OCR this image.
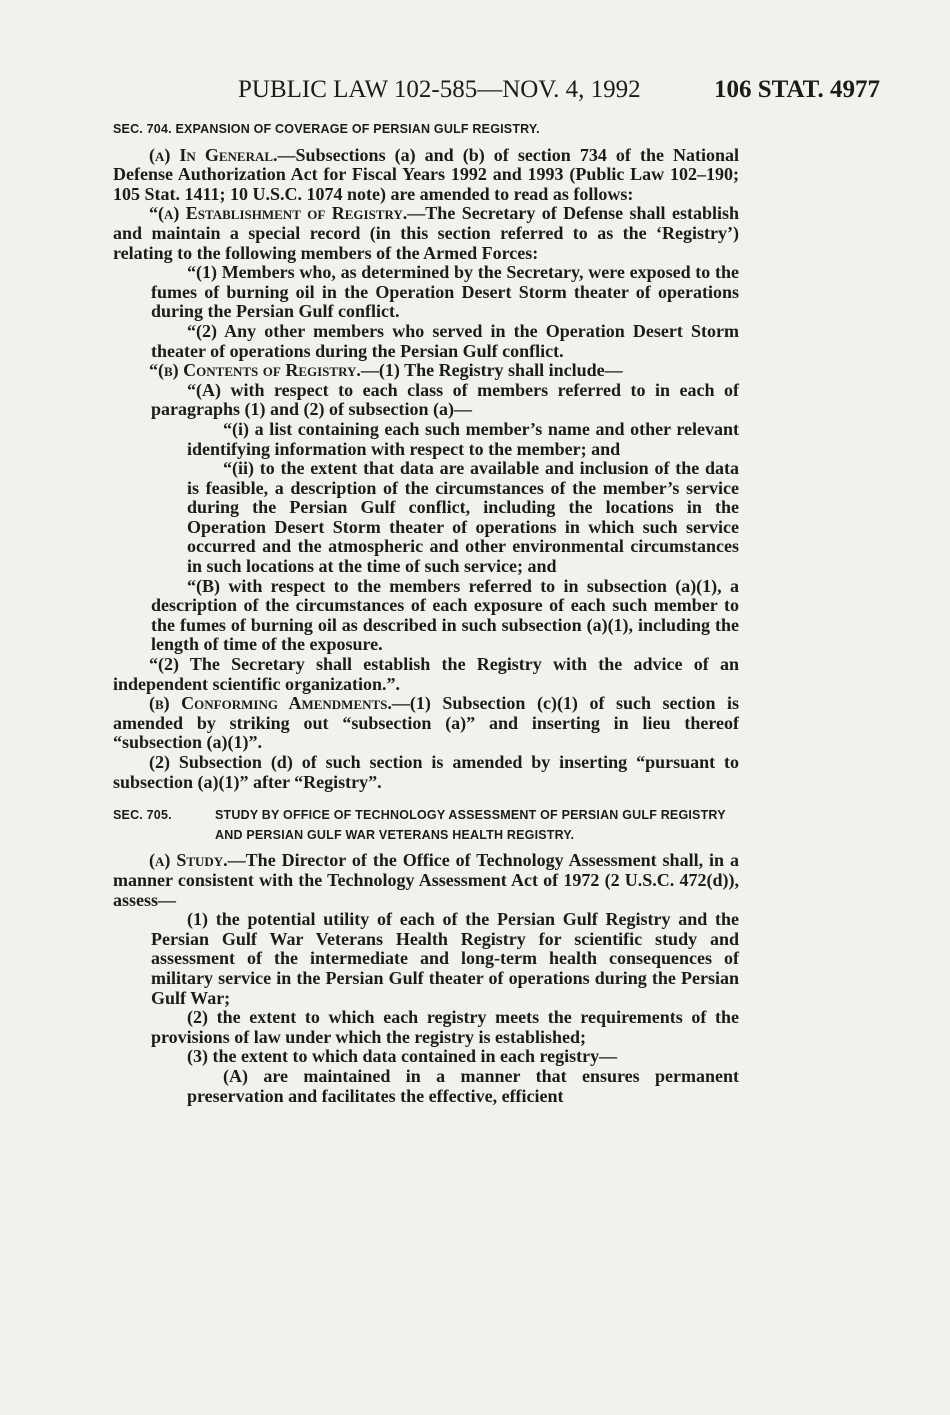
PUBLIC LAW 102-585—NOV. 4, 1992	106 STAT. 4977
SEC. 704. EXPANSION OF COVERAGE OF PERSIAN GULF REGISTRY.

(a) In General.—Subsections (a) and (b) of section 734 of the National Defense Authorization Act for Fiscal Years 1992 and 1993 (Public Law 102–190; 105 Stat. 1411; 10 U.S.C. 1074 note) are amended to read as follows:

“(a) Establishment of Registry.—The Secretary of Defense shall establish and maintain a special record (in this section referred to as the ‘Registry’) relating to the following members of the Armed Forces:

“(1) Members who, as determined by the Secretary, were exposed to the fumes of burning oil in the Operation Desert Storm theater of operations during the Persian Gulf conflict.

“(2) Any other members who served in the Operation Desert Storm theater of operations during the Persian Gulf conflict.

“(b) Contents of Registry.—(1) The Registry shall include—

“(A) with respect to each class of members referred to in each of paragraphs (1) and (2) of subsection (a)—

“(i) a list containing each such member’s name and other relevant identifying information with respect to the member; and

“(ii) to the extent that data are available and inclusion of the data is feasible, a description of the circumstances of the member’s service during the Persian Gulf conflict, including the locations in the Operation Desert Storm theater of operations in which such service occurred and the atmospheric and other environmental circumstances in such locations at the time of such service; and

“(B) with respect to the members referred to in subsection (a)(1), a description of the circumstances of each exposure of each such member to the fumes of burning oil as described in such subsection (a)(1), including the length of time of the exposure.

“(2) The Secretary shall establish the Registry with the advice of an independent scientific organization.”.

(b) Conforming Amendments.—(1) Subsection (c)(1) of such section is amended by striking out “subsection (a)” and inserting in lieu thereof “subsection (a)(1)”.

(2) Subsection (d) of such section is amended by inserting “pursuant to subsection (a)(1)” after “Registry”.

SEC. 705.	STUDY BY OFFICE OF TECHNOLOGY ASSESSMENT OF PERSIAN GULF REGISTRY AND PERSIAN GULF WAR VETERANS HEALTH REGISTRY.

(a) Study.—The Director of the Office of Technology Assessment shall, in a manner consistent with the Technology Assessment Act of 1972 (2 U.S.C. 472(d)), assess—

(1) the potential utility of each of the Persian Gulf Registry and the Persian Gulf War Veterans Health Registry for scientific study and assessment of the intermediate and long-term health consequences of military service in the Persian Gulf theater of operations during the Persian Gulf War;

(2) the extent to which each registry meets the requirements of the provisions of law under which the registry is established;

(3) the extent to which data contained in each registry—

(A) are maintained in a manner that ensures permanent preservation and facilitates the effective, efficient
